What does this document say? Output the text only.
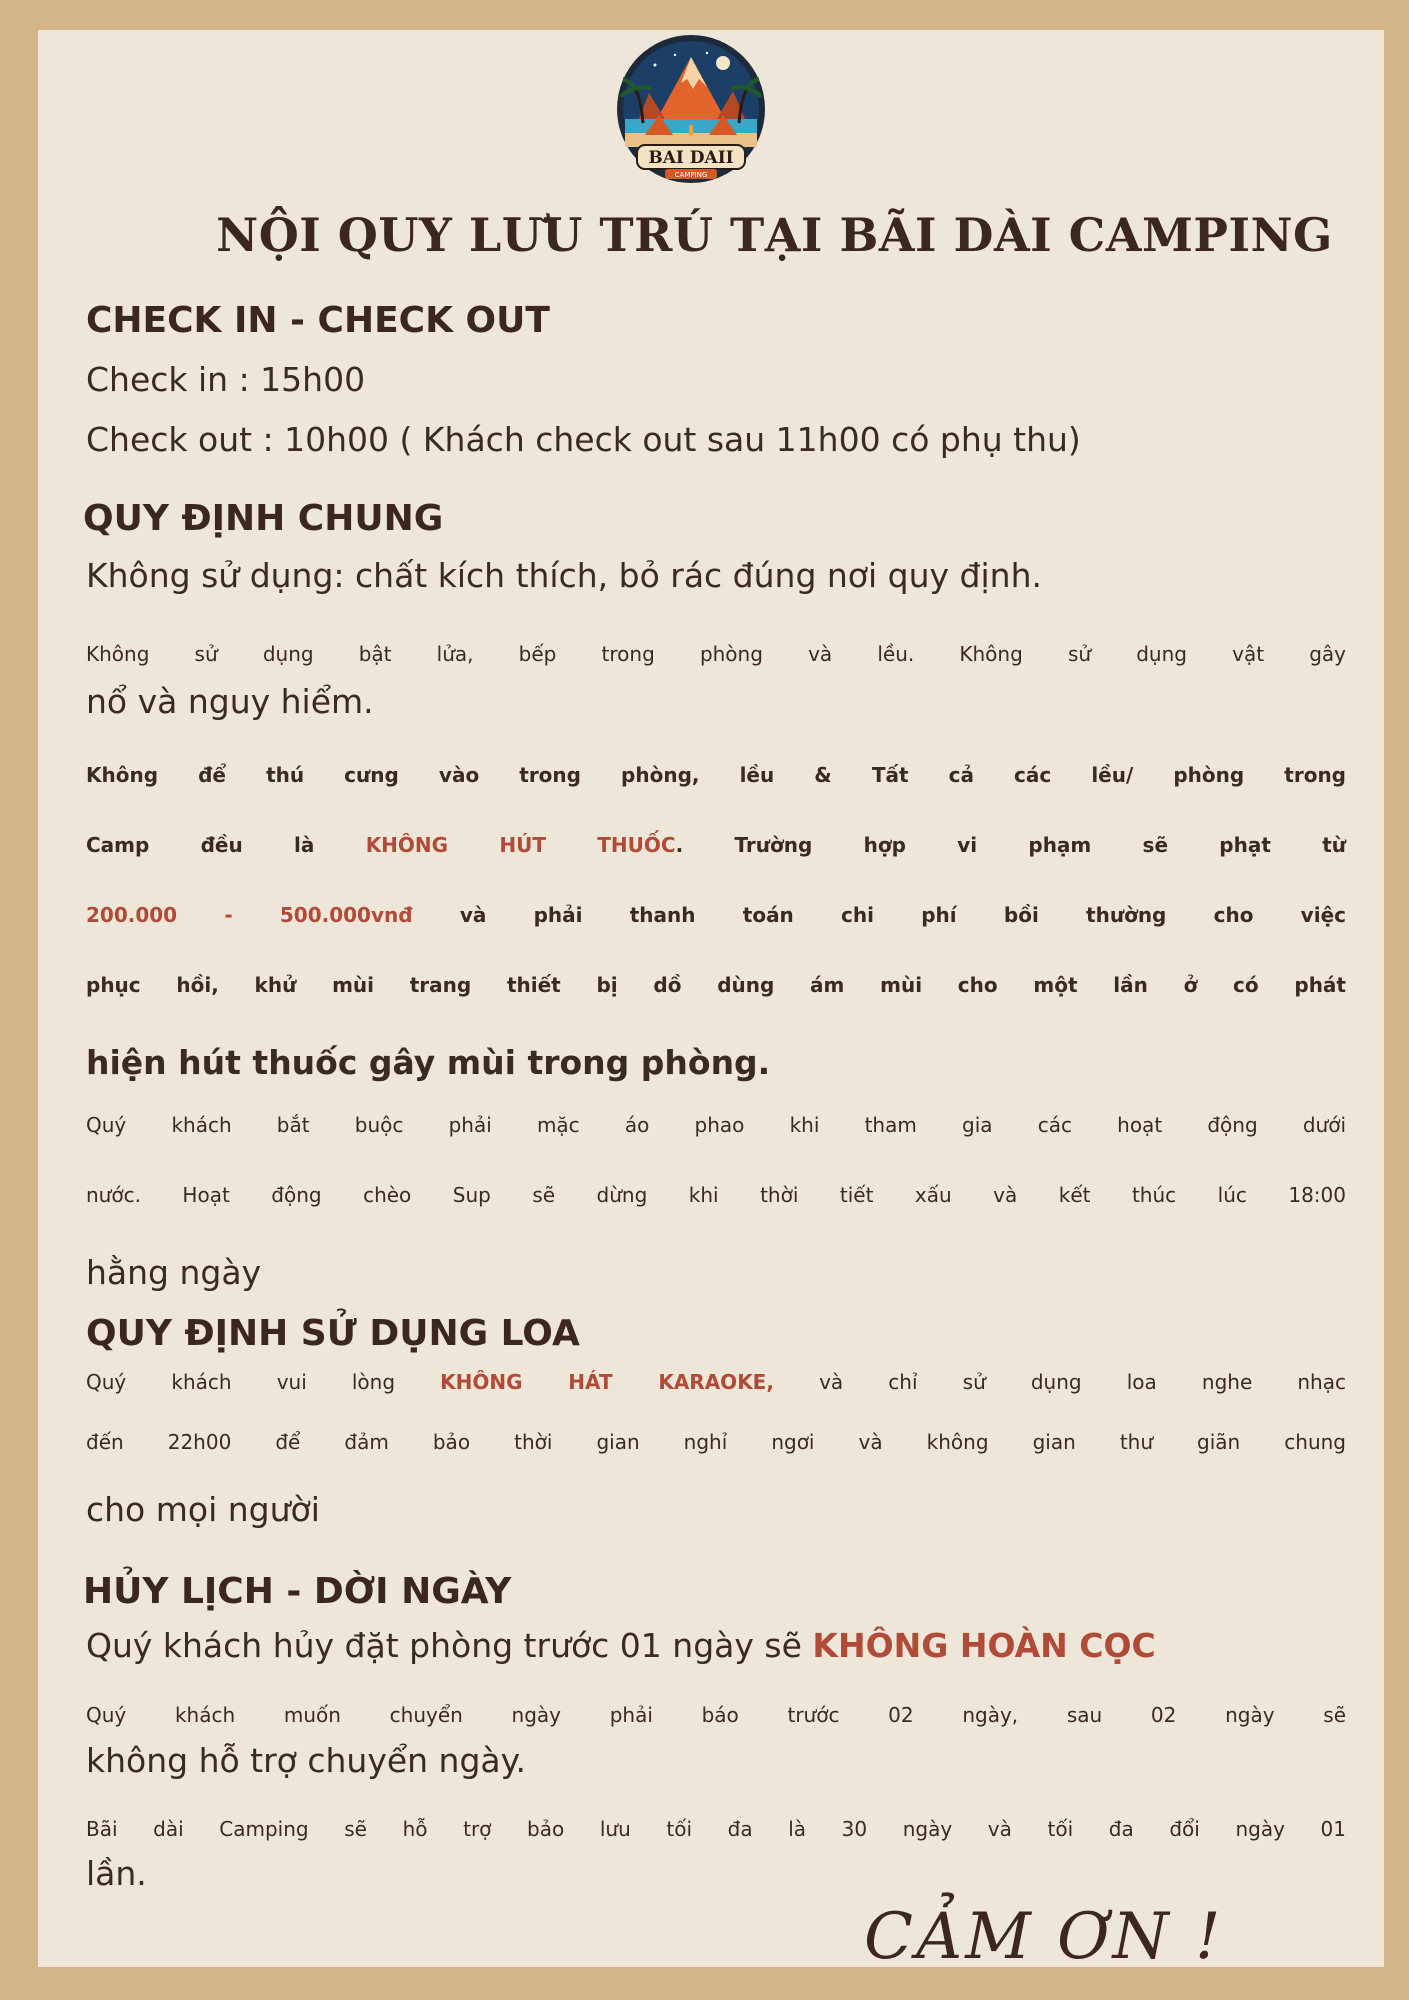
BAI DAII
CAMPING
NỘI QUY LƯU TRÚ TẠI BÃI DÀI CAMPING
CHECK IN - CHECK OUT
Check in : 15h00
Check out : 10h00 ( Khách check out sau 11h00 có phụ thu)
QUY ĐỊNH CHUNG
Không sử dụng: chất kích thích, bỏ rác đúng nơi quy định.
Không sử dụng bật lửa, bếp trong phòng và lều. Không sử dụng vật gây
nổ và nguy hiểm.
Không để thú cưng vào trong phòng, lều & Tất cả các lều/ phòng trong
Camp đều là	KHÔNG HÚT THUỐC. Trường hợp vi phạm sẽ phạt từ
200.000 - 500.000vnđ và phải thanh toán chi phí bồi thường cho việc
phục hồi, khử mùi trang thiết bị dồ dùng ám mùi cho một lần ở có phát
hiện hút thuốc gây mùi trong phòng.
Quý khách bắt buộc phải mặc áo phao khi tham gia các hoạt động dưới
nước. Hoạt động chèo Sup sẽ dừng khi thời tiết xấu và kết thúc lúc 18:00
hằng ngày
QUY ĐỊNH SỬ DỤNG LOA
Quý khách vui lòng KHÔNG HÁT KARAOKE, và chỉ sử dụng loa nghe nhạc
đến 22h00 để đảm bảo thời gian nghỉ ngơi và không gian thư giãn chung
cho mọi người
HỦY LỊCH - DỜI NGÀY
Quý khách hủy đặt phòng trước 01 ngày sẽ KHÔNG HOÀN CỌC
Quý khách muốn chuyển ngày phải báo trước 02 ngày, sau 02 ngày sẽ
không hỗ trợ chuyển ngày.
Bãi dài Camping sẽ hỗ trợ bảo lưu tối đa là 30 ngày và tối đa đổi ngày 01
lần.
CẢM ƠN !
